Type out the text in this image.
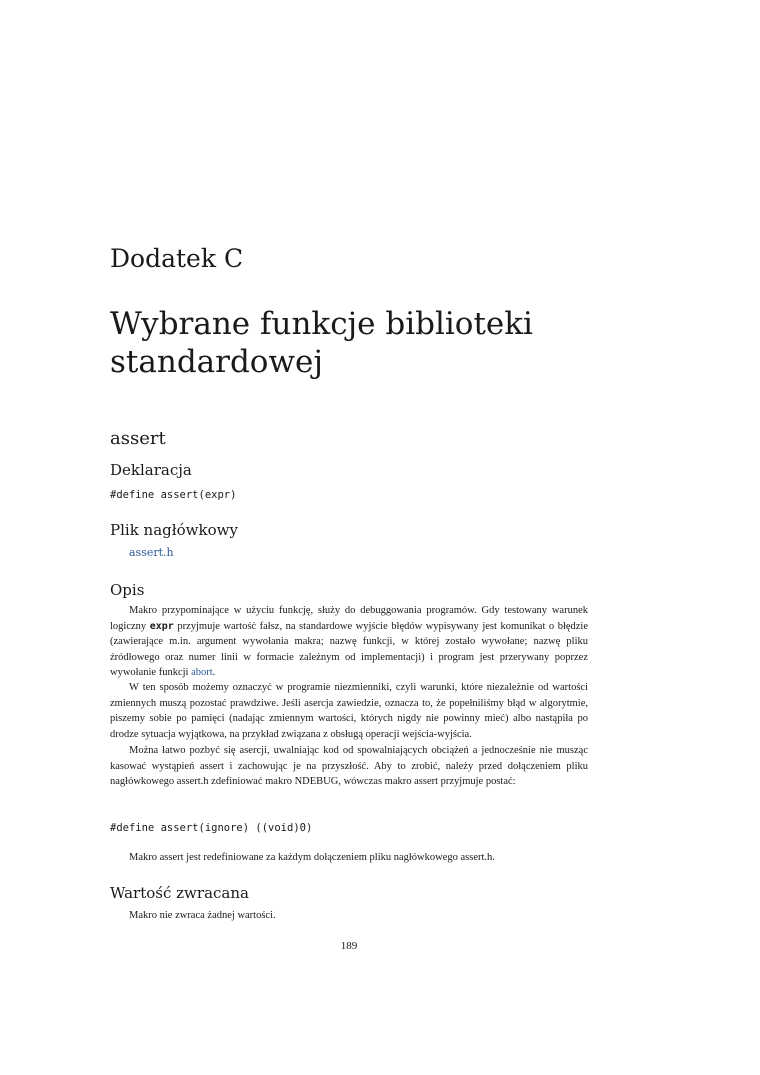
Dodatek C
Wybrane funkcje biblioteki standardowej
assert
Deklaracja
#define assert(expr)
Plik nagłówkowy
assert.h
Opis

Makro przypominające w użyciu funkcję, służy do debuggowania programów. Gdy testowany warunek logiczny expr przyjmuje wartość fałsz, na standardowe wyjście błędów wypisywany jest komunikat o błędzie (zawierające m.in. argument wywołania makra; nazwę funkcji, w której zostało wywołane; nazwę pliku źródłowego oraz numer linii w formacie zależnym od implementacji) i program jest przerywany poprzez wywołanie funkcji abort.

W ten sposób możemy oznaczyć w programie niezmienniki, czyli warunki, które niezależnie od wartości zmiennych muszą pozostać prawdziwe. Jeśli asercja zawiedzie, oznacza to, że popełniliśmy błąd w algorytmie, piszemy sobie po pamięci (nadając zmiennym wartości, których nigdy nie powinny mieć) albo nastąpiła po drodze sytuacja wyjątkowa, na przykład związana z obsługą operacji wejścia-wyjścia.

Można łatwo pozbyć się asercji, uwalniając kod od spowalniających obciążeń a jednocześnie nie musząc kasować wystąpień assert i zachowując je na przyszłość. Aby to zrobić, należy przed dołączeniem pliku nagłówkowego assert.h zdefiniować makro NDEBUG, wówczas makro assert przyjmuje postać:

#define assert(ignore) ((void)0)

Makro assert jest redefiniowane za każdym dołączeniem pliku nagłówkowego assert.h.

Wartość zwracana

Makro nie zwraca żadnej wartości.

189
